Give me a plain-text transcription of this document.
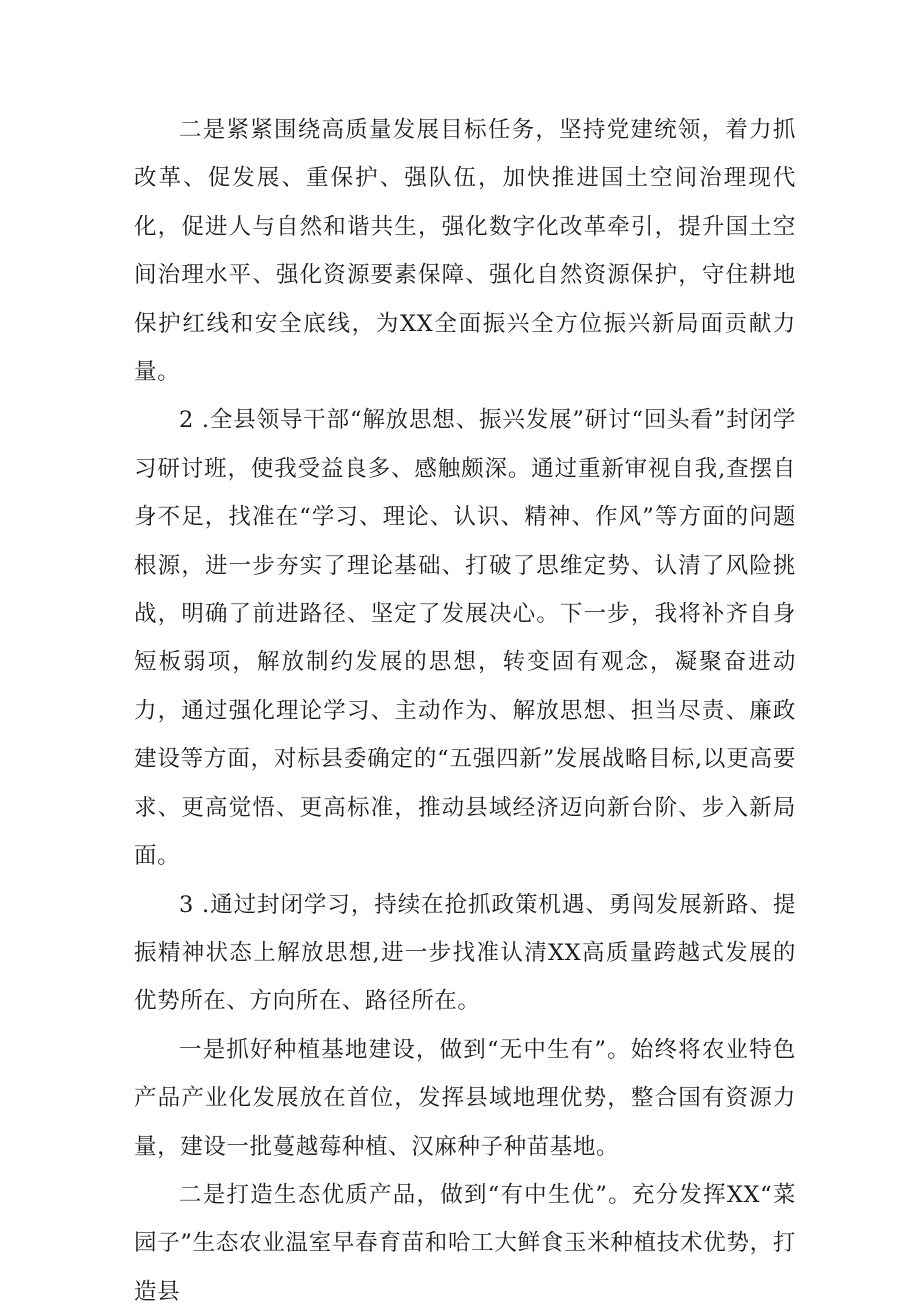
二是紧紧围绕高质量发展目标任务，坚持党建统领，着力抓改革、促发展、重保护、强队伍，加快推进国土空间治理现代化，促进人与自然和谐共生，强化数字化改革牵引，提升国土空间治理水平、强化资源要素保障、强化自然资源保护，守住耕地保护红线和安全底线，为XX全面振兴全方位振兴新局面贡献力量。

2 .全县领导干部“解放思想、振兴发展”研讨“回头看”封闭学习研讨班，使我受益良多、感触颇深。通过重新审视自我,查摆自身不足，找准在“学习、理论、认识、精神、作风”等方面的问题根源，进一步夯实了理论基础、打破了思维定势、认清了风险挑战，明确了前进路径、坚定了发展决心。下一步，我将补齐自身短板弱项，解放制约发展的思想，转变固有观念，凝聚奋进动力，通过强化理论学习、主动作为、解放思想、担当尽责、廉政建设等方面，对标县委确定的“五强四新”发展战略目标,以更高要求、更高觉悟、更高标准，推动县域经济迈向新台阶、步入新局面。

3 .通过封闭学习，持续在抢抓政策机遇、勇闯发展新路、提振精神状态上解放思想,进一步找准认清XX高质量跨越式发展的优势所在、方向所在、路径所在。

一是抓好种植基地建设，做到“无中生有”。始终将农业特色产品产业化发展放在首位，发挥县域地理优势，整合国有资源力量，建设一批蔓越莓种植、汉麻种子种苗基地。

二是打造生态优质产品，做到“有中生优”。充分发挥XX“菜园子”生态农业温室早春育苗和哈工大鲜食玉米种植技术优势，打造县
